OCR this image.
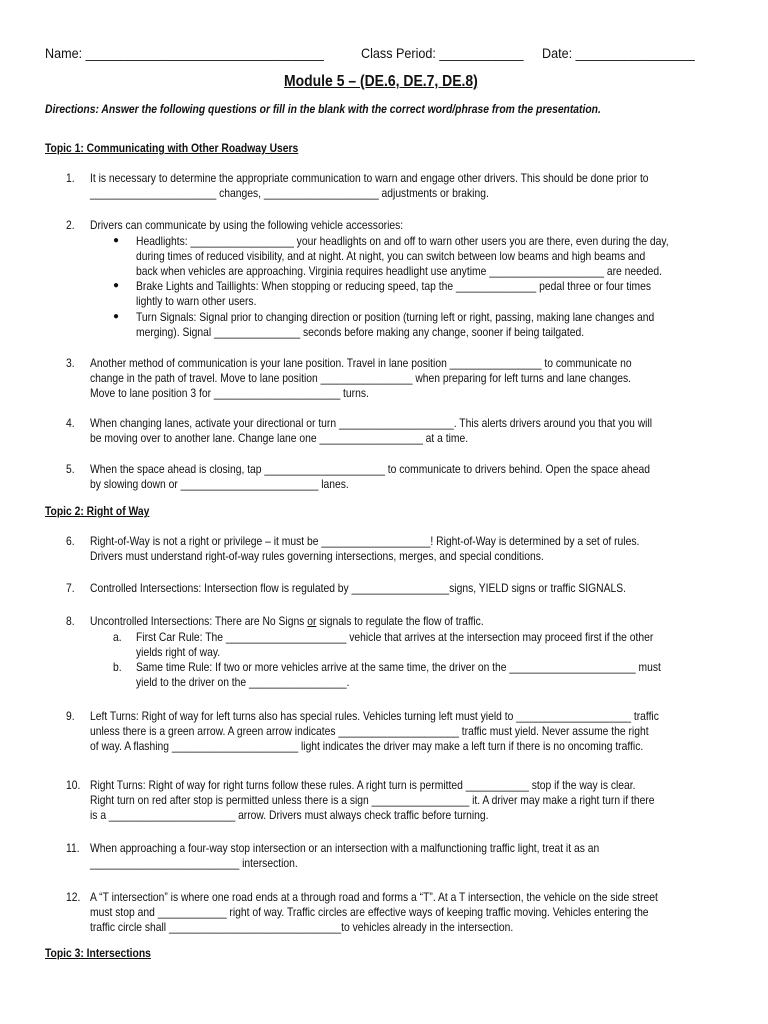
Name: __________________________________	Class Period: ____________ Date: _________________
Module 5 – (DE.6, DE.7, DE.8)
Directions: Answer the following questions or fill in the blank with the correct word/phrase from the presentation.
Topic 1: Communicating with Other Roadway Users
1. It is necessary to determine the appropriate communication to warn and engage other drivers. This should be done prior to
______________________ changes, ____________________ adjustments or braking.
2. Drivers can communicate by using the following vehicle accessories:
● Headlights: __________________ your headlights on and off to warn other users you are there, even during the day,
during times of reduced visibility, and at night. At night, you can switch between low beams and high beams and
back when vehicles are approaching. Virginia requires headlight use anytime ____________________ are needed.
● Brake Lights and Taillights: When stopping or reducing speed, tap the ______________ pedal three or four times
lightly to warn other users.
● Turn Signals: Signal prior to changing direction or position (turning left or right, passing, making lane changes and
merging). Signal _______________ seconds before making any change, sooner if being tailgated.
3. Another method of communication is your lane position. Travel in lane position ________________ to communicate no
change in the path of travel. Move to lane position ________________ when preparing for left turns and lane changes.
Move to lane position 3 for ______________________ turns.
4. When changing lanes, activate your directional or turn ____________________. This alerts drivers around you that you will
be moving over to another lane. Change lane one __________________ at a time.
5. When the space ahead is closing, tap _____________________ to communicate to drivers behind. Open the space ahead
by slowing down or ________________________ lanes.
Topic 2: Right of Way
6. Right-of-Way is not a right or privilege – it must be ___________________! Right-of-Way is determined by a set of rules.
Drivers must understand right-of-way rules governing intersections, merges, and special conditions.
7. Controlled Intersections: Intersection flow is regulated by _________________signs, YIELD signs or traffic SIGNALS.
8. Uncontrolled Intersections: There are No Signs or signals to regulate the flow of traffic.
a. First Car Rule: The _____________________ vehicle that arrives at the intersection may proceed first if the other
yields right of way.
b. Same time Rule: If two or more vehicles arrive at the same time, the driver on the ______________________ must
yield to the driver on the _________________.
9. Left Turns: Right of way for left turns also has special rules. Vehicles turning left must yield to ____________________ traffic
unless there is a green arrow. A green arrow indicates _____________________ traffic must yield. Never assume the right
of way. A flashing ______________________ light indicates the driver may make a left turn if there is no oncoming traffic.
10. Right Turns: Right of way for right turns follow these rules. A right turn is permitted ___________ stop if the way is clear.
Right turn on red after stop is permitted unless there is a sign _________________ it. A driver may make a right turn if there
is a ______________________ arrow. Drivers must always check traffic before turning.
11. When approaching a four-way stop intersection or an intersection with a malfunctioning traffic light, treat it as an
__________________________ intersection.
12. A “T intersection” is where one road ends at a through road and forms a “T”. At a T intersection, the vehicle on the side street
must stop and ____________ right of way. Traffic circles are effective ways of keeping traffic moving. Vehicles entering the
traffic circle shall ______________________________to vehicles already in the intersection.
Topic 3: Intersections
